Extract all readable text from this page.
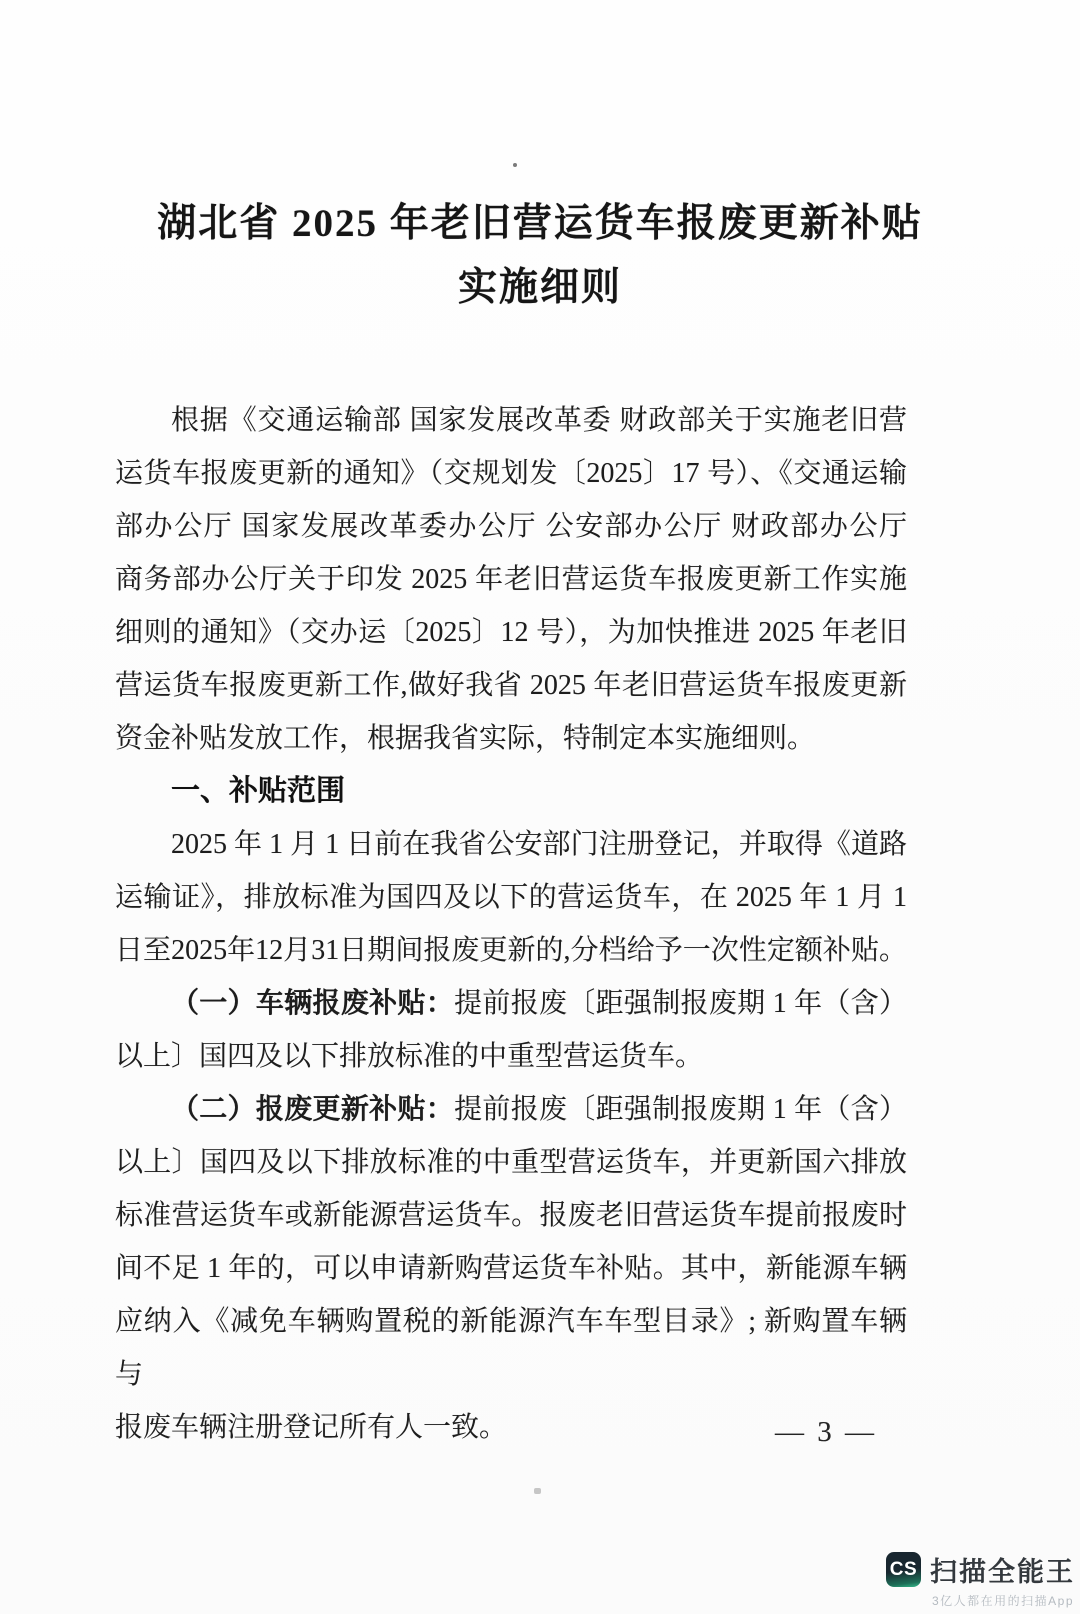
湖北省 2025 年老旧营运货车报废更新补贴
实施细则
根据《交通运输部 国家发展改革委 财政部关于实施老旧营
运货车报废更新的通知》（交规划发〔2025〕17 号）、《交通运输
部办公厅 国家发展改革委办公厅 公安部办公厅 财政部办公厅
商务部办公厅关于印发 2025 年老旧营运货车报废更新工作实施
细则的通知》（交办运〔2025〕12 号），为加快推进 2025 年老旧
营运货车报废更新工作,做好我省 2025 年老旧营运货车报废更新
资金补贴发放工作，根据我省实际，特制定本实施细则。
一、补贴范围
2025 年 1 月 1 日前在我省公安部门注册登记，并取得《道路
运输证》，排放标准为国四及以下的营运货车，在 2025 年 1 月 1
日至2025年12月31日期间报废更新的,分档给予一次性定额补贴。
（一）车辆报废补贴：提前报废〔距强制报废期 1 年（含）
以上〕国四及以下排放标准的中重型营运货车。
（二）报废更新补贴：提前报废〔距强制报废期 1 年（含）
以上〕国四及以下排放标准的中重型营运货车，并更新国六排放
标准营运货车或新能源营运货车。报废老旧营运货车提前报废时
间不足 1 年的，可以申请新购营运货车补贴。其中，新能源车辆
应纳入《减免车辆购置税的新能源汽车车型目录》; 新购置车辆与
报废车辆注册登记所有人一致。	— 3 —
CS 扫描全能王
3亿人都在用的扫描App
